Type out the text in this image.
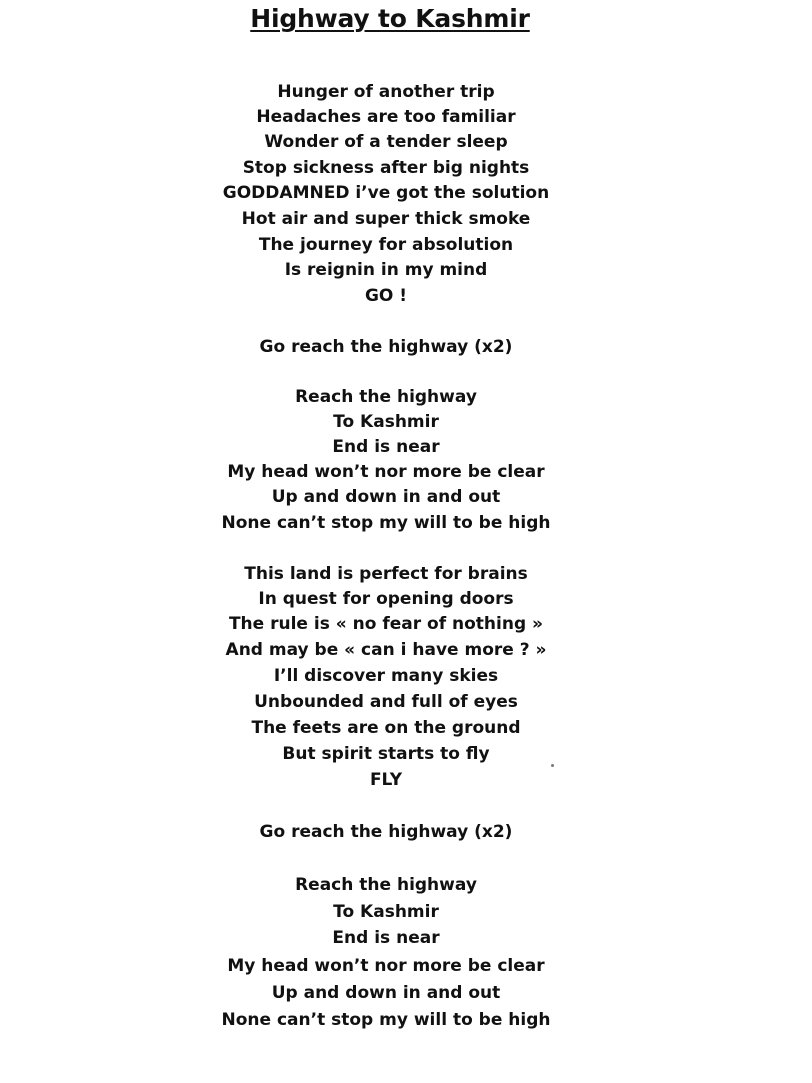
Highway to Kashmir
Hunger of another trip
Headaches are too familiar
Wonder of a tender sleep
Stop sickness after big nights
GODDAMNED i’ve got the solution
Hot air and super thick smoke
The journey for absolution
Is reignin in my mind
GO !
Go reach the highway (x2)
Reach the highway
To Kashmir
End is near
My head won’t nor more be clear
Up and down in and out
None can’t stop my will to be high
This land is perfect for brains
In quest for opening doors
The rule is « no fear of nothing »
And may be « can i have more ? »
I’ll discover many skies
Unbounded and full of eyes
The feets are on the ground
But spirit starts to fly
FLY
Go reach the highway (x2)
Reach the highway
To Kashmir
End is near
My head won’t nor more be clear
Up and down in and out
None can’t stop my will to be high
